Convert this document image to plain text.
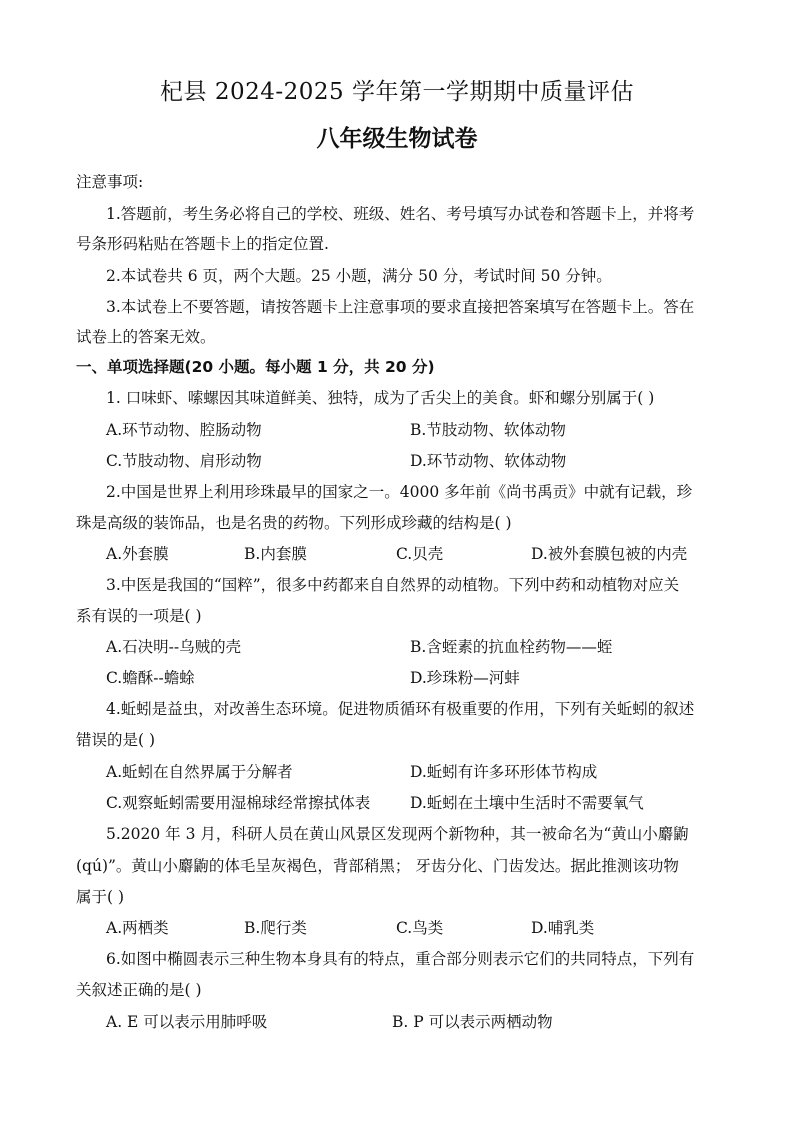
杞县 2024-2025 学年第一学期期中质量评估
八年级生物试卷
注意事项:
1.答题前，考生务必将自己的学校、班级、姓名、考号填写办试卷和答题卡上，并将考
号条形码粘贴在答题卡上的指定位置.
2.本试卷共 6 页，两个大题。25 小题，满分 50 分，考试时间 50 分钟。
3.本试卷上不要答题，请按答题卡上注意事项的要求直接把答案填写在答题卡上。答在
试卷上的答案无效。
一、单项选择题(20 小题。每小题 1 分，共 20 分)
1. 口味虾、嗦螺因其味道鲜美、独特，成为了舌尖上的美食。虾和螺分别属于( )
A.环节动物、腔肠动物	B.节肢动物、软体动物
C.节肢动物、肩形动物	D.环节动物、软体动物
2.中国是世界上利用珍珠最早的国家之一。4000 多年前《尚书禹贡》中就有记载，珍
珠是高级的装饰品，也是名贵的药物。下列形成珍藏的结构是( )
A.外套膜	B.内套膜	C.贝壳	D.被外套膜包被的内壳
3.中医是我国的“国粹”，很多中药都来自自然界的动植物。下列中药和动植物对应关
系有误的一项是( )
A.石决明--乌贼的壳	B.含蛭素的抗血栓药物——蛭
C.蟾酥--蟾蜍	D.珍珠粉—河蚌
4.蚯蚓是益虫，对改善生态环境。促进物质循环有极重要的作用，下列有关蚯蚓的叙述
错误的是( )
A.蚯蚓在自然界属于分解者	D.蚯蚓有许多环形体节构成
C.观察蚯蚓需要用湿棉球经常擦拭体表	D.蚯蚓在土壤中生活时不需要氧气
5.2020 年 3 月，科研人员在黄山风景区发现两个新物种，其一被命名为“黄山小麝鼩
(qú)”。黄山小麝鼩的体毛呈灰褐色，背部稍黑； 牙齿分化、门齿发达。据此推测该功物
属于( )
A.两栖类	B.爬行类	C.鸟类	D.哺乳类
6.如图中椭圆表示三种生物本身具有的特点，重合部分则表示它们的共同特点，下列有
关叙述正确的是( )
A. E 可以表示用肺呼吸	B. P 可以表示两栖动物
